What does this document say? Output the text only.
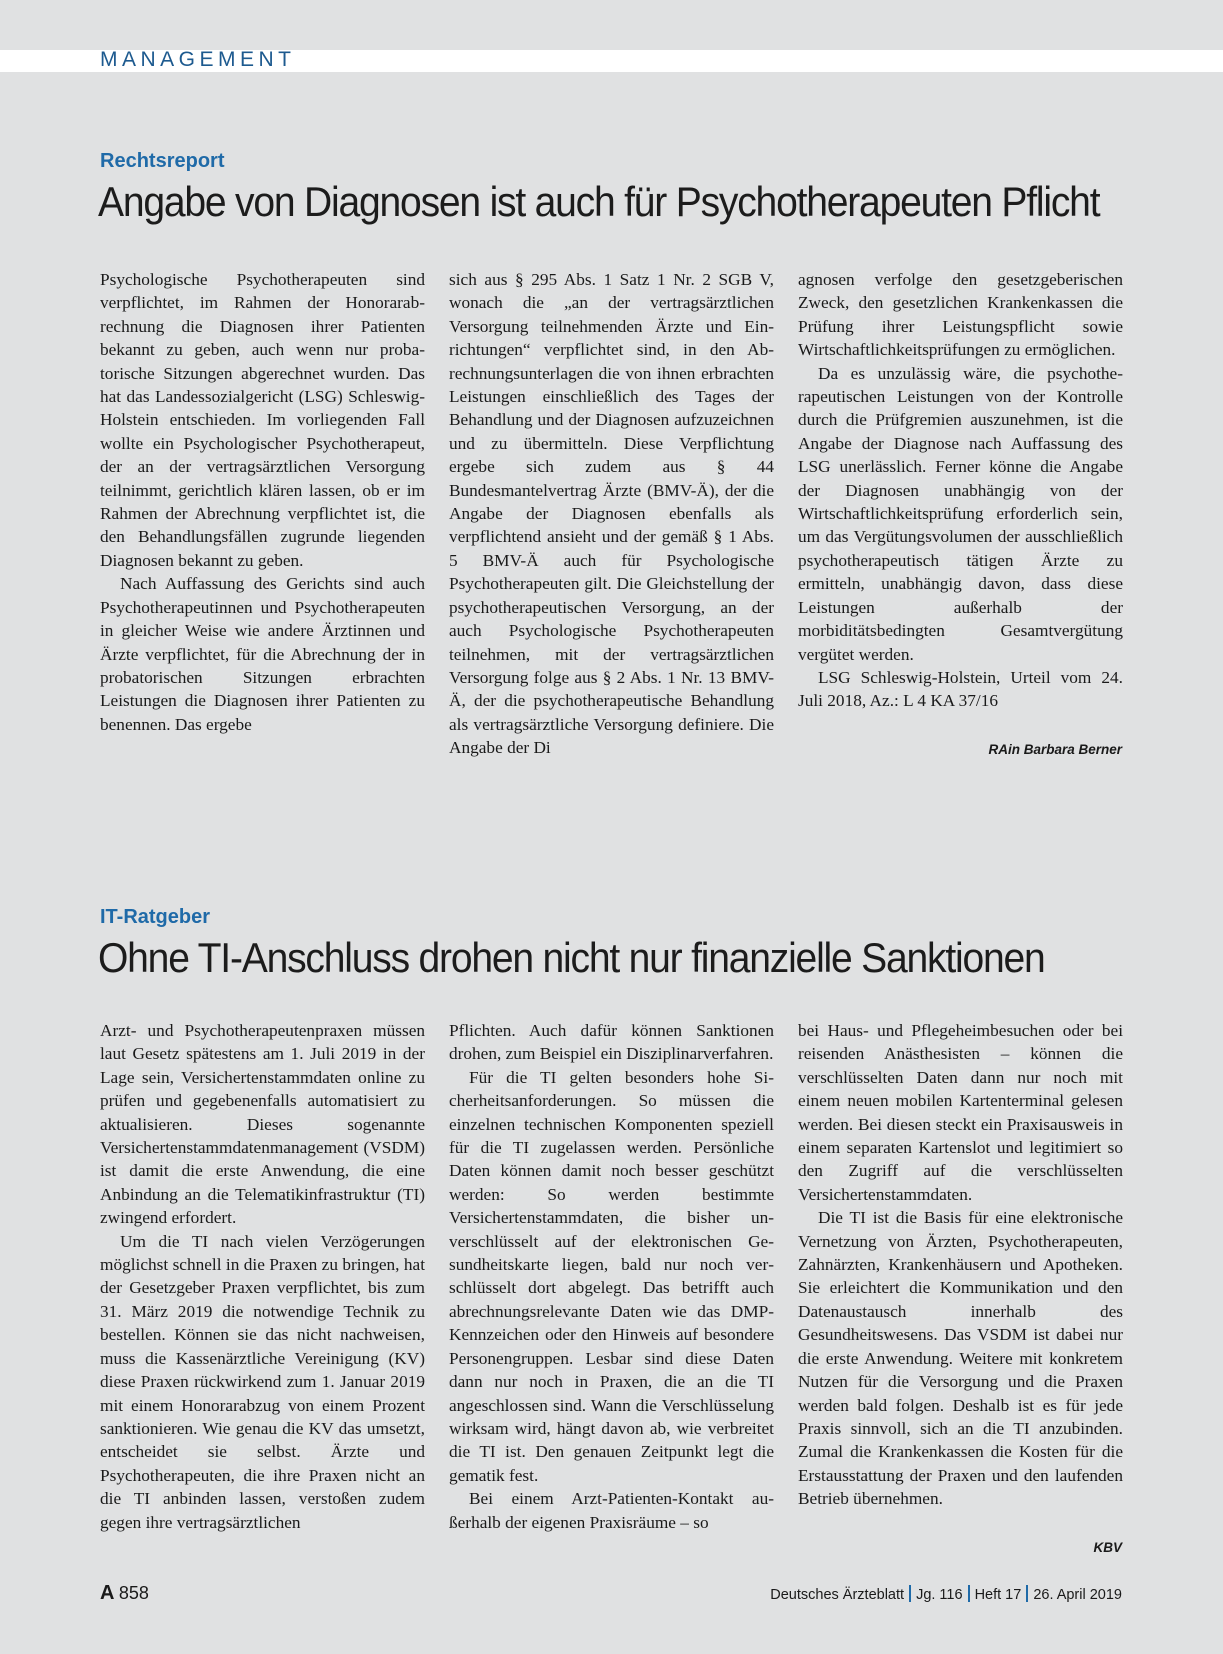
MANAGEMENT
Rechtsreport
Angabe von Diagnosen ist auch für Psychotherapeuten Pflicht

Psychologische Psychotherapeuten sind verpflichtet, im Rahmen der Honorarabrechnung die Diagnosen ihrer Patienten bekannt zu geben, auch wenn nur probatorische Sitzungen abgerechnet wurden. Das hat das Landessozialgericht (LSG) Schleswig-Holstein entschieden. Im vorliegenden Fall wollte ein Psychologischer Psychotherapeut, der an der vertragsärztlichen Versorgung teilnimmt, gerichtlich klären lassen, ob er im Rahmen der Abrechnung verpflichtet ist, die den Behandlungsfällen zugrunde liegenden Diagnosen bekannt zu geben.

Nach Auffassung des Gerichts sind auch Psychotherapeutinnen und Psychotherapeuten in gleicher Weise wie andere Ärztinnen und Ärzte verpflichtet, für die Abrechnung der in probatorischen Sitzungen erbrachten Leistungen die Diagnosen ihrer Patienten zu benennen. Das ergebe

sich aus § 295 Abs. 1 Satz 1 Nr. 2 SGB V, wonach die „an der vertragsärztlichen Versorgung teilnehmenden Ärzte und Einrichtungen“ verpflichtet sind, in den Abrechnungsunterlagen die von ihnen erbrachten Leistungen einschließlich des Tages der Behandlung und der Diagnosen aufzuzeichnen und zu übermitteln. Diese Verpflichtung ergebe sich zudem aus § 44 Bundesmantelvertrag Ärzte (BMV-Ä), der die Angabe der Diagnosen ebenfalls als verpflichtend ansieht und der gemäß § 1 Abs. 5 BMV-Ä auch für Psychologische Psychotherapeuten gilt. Die Gleichstellung der psychotherapeutischen Versorgung, an der auch Psychologische Psychotherapeuten teilnehmen, mit der vertragsärztlichen Versorgung folge aus § 2 Abs. 1 Nr. 13 BMV-Ä, der die psychotherapeutische Behandlung als vertragsärztliche Versorgung definiere. Die Angabe der Di

agnosen verfolge den gesetzgeberischen Zweck, den gesetzlichen Krankenkassen die Prüfung ihrer Leistungspflicht sowie Wirtschaftlichkeitsprüfungen zu ermöglichen.

Da es unzulässig wäre, die psychotherapeutischen Leistungen von der Kontrolle durch die Prüfgremien auszunehmen, ist die Angabe der Diagnose nach Auffassung des LSG unerlässlich. Ferner könne die Angabe der Diagnosen unabhängig von der Wirtschaftlichkeitsprüfung erforderlich sein, um das Vergütungsvolumen der ausschließlich psychotherapeutisch tätigen Ärzte zu ermitteln, unabhängig davon, dass diese Leistungen außerhalb der morbiditätsbedingten Gesamtvergütung vergütet werden.

LSG Schleswig-Holstein, Urteil vom 24. Juli 2018, Az.: L 4 KA 37/16

RAin Barbara Berner
IT-Ratgeber
Ohne TI-Anschluss drohen nicht nur finanzielle Sanktionen

Arzt- und Psychotherapeutenpraxen müssen laut Gesetz spätestens am 1. Juli 2019 in der Lage sein, Versichertenstammdaten online zu prüfen und gegebenenfalls automatisiert zu aktualisieren. Dieses sogenannte Versichertenstammdatenmanagement (VSDM) ist damit die erste Anwendung, die eine Anbindung an die Telematikinfrastruktur (TI) zwingend erfordert.

Um die TI nach vielen Verzögerungen möglichst schnell in die Praxen zu bringen, hat der Gesetzgeber Praxen verpflichtet, bis zum 31. März 2019 die notwendige Technik zu bestellen. Können sie das nicht nachweisen, muss die Kassenärztliche Vereinigung (KV) diese Praxen rückwirkend zum 1. Januar 2019 mit einem Honorarabzug von einem Prozent sanktionieren. Wie genau die KV das umsetzt, entscheidet sie selbst. Ärzte und Psychotherapeuten, die ihre Praxen nicht an die TI anbinden lassen, verstoßen zudem gegen ihre vertragsärztlichen

Pflichten. Auch dafür können Sanktionen drohen, zum Beispiel ein Disziplinarverfahren.

Für die TI gelten besonders hohe Sicherheitsanforderungen. So müssen die einzelnen technischen Komponenten speziell für die TI zugelassen werden. Persönliche Daten können damit noch besser geschützt werden: So werden bestimmte Versichertenstammdaten, die bisher unverschlüsselt auf der elektronischen Gesundheitskarte liegen, bald nur noch verschlüsselt dort abgelegt. Das betrifft auch abrechnungsrelevante Daten wie das DMP-Kennzeichen oder den Hinweis auf besondere Personengruppen. Lesbar sind diese Daten dann nur noch in Praxen, die an die TI angeschlossen sind. Wann die Verschlüsselung wirksam wird, hängt davon ab, wie verbreitet die TI ist. Den genauen Zeitpunkt legt die gematik fest.

Bei einem Arzt-Patienten-Kontakt außerhalb der eigenen Praxisräume – so

bei Haus- und Pflegeheimbesuchen oder bei reisenden Anästhesisten – können die verschlüsselten Daten dann nur noch mit einem neuen mobilen Kartenterminal gelesen werden. Bei diesen steckt ein Praxisausweis in einem separaten Kartenslot und legitimiert so den Zugriff auf die verschlüsselten Versichertenstammdaten.

Die TI ist die Basis für eine elektronische Vernetzung von Ärzten, Psychotherapeuten, Zahnärzten, Krankenhäusern und Apotheken. Sie erleichtert die Kommunikation und den Datenaustausch innerhalb des Gesundheitswesens. Das VSDM ist dabei nur die erste Anwendung. Weitere mit konkretem Nutzen für die Versorgung und die Praxen werden bald folgen. Deshalb ist es für jede Praxis sinnvoll, sich an die TI anzubinden. Zumal die Krankenkassen die Kosten für die Erstausstattung der Praxen und den laufenden Betrieb übernehmen.

KBV
A 858	Deutsches Ärzteblatt Jg. 116 Heft 17 26. April 2019
